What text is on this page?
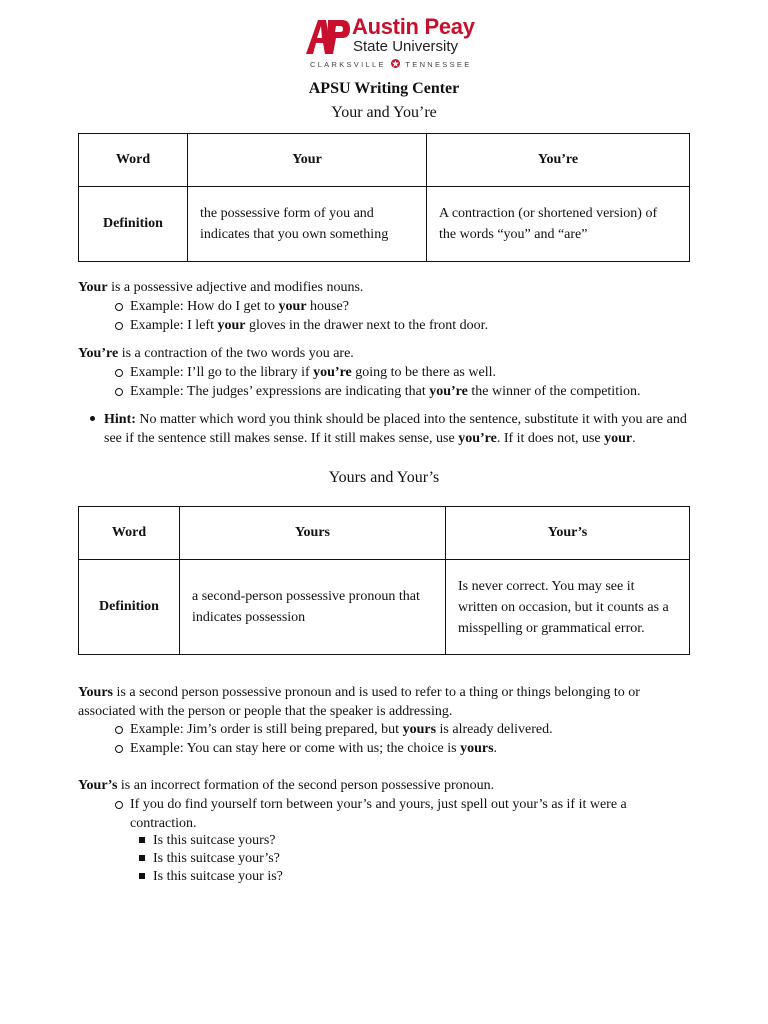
Austin Peay
State University
CLARKSVILLE	TENNESSEE
APSU Writing Center
Your and You’re
Word	Your	You’re
Definition	the possessive form of you and indicates that you own something	A contraction (or shortened version) of the words “you” and “are”
Your is a possessive adjective and modifies nouns.
Example: How do I get to your house?
Example: I left your gloves in the drawer next to the front door.
You’re is a contraction of the two words you are.
Example: I’ll go to the library if you’re going to be there as well.
Example: The judges’ expressions are indicating that you’re the winner of the competition.
Hint: No matter which word you think should be placed into the sentence, substitute it with you are and see if the sentence still makes sense. If it still makes sense, use you’re. If it does not, use your.
Yours and Your’s
Word	Yours	Your’s
Definition	a second-person possessive pronoun that indicates possession	Is never correct. You may see it written on occasion, but it counts as a misspelling or grammatical error.
Yours is a second person possessive pronoun and is used to refer to a thing or things belonging to or associated with the person or people that the speaker is addressing.
Example: Jim’s order is still being prepared, but yours is already delivered.
Example: You can stay here or come with us; the choice is yours.
Your’s is an incorrect formation of the second person possessive pronoun.
If you do find yourself torn between your’s and yours, just spell out your’s as if it were a contraction.
Is this suitcase yours?
Is this suitcase your’s?
Is this suitcase your is?
